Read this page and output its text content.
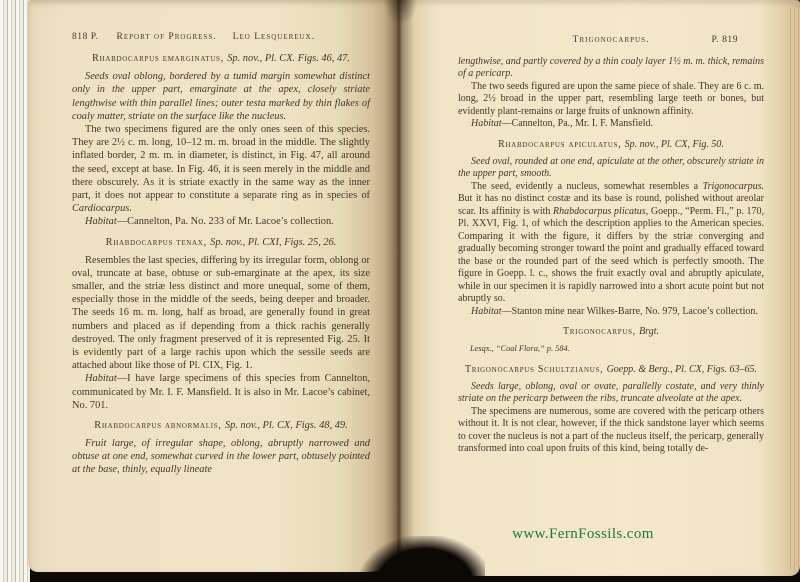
818 P. Report of Progress. Leo Lesquereux.

Rhabdocarpus emarginatus, Sp. nov., Pl. CX. Figs. 46, 47.

Seeds oval oblong, bordered by a tumid margin somewhat distinct only in the upper part, emarginate at the apex, closely striate lengthwise with thin parallel lines; outer testa marked by thin flakes of coaly matter, striate on the surface like the nucleus.

The two specimens figured are the only ones seen of this species. They are 2½ c. m. long, 10–12 m. m. broad in the middle. The slightly inflated border, 2 m. m. in diameter, is distinct, in Fig. 47, all around the seed, except at base. In Fig. 46, it is seen merely in the middle and there obscurely. As it is striate exactly in the same way as the inner part, it does not appear to constitute a separate ring as in species of Cardiocarpus.

Habitat—Cannelton, Pa. No. 233 of Mr. Lacoe’s collection.

Rhabdocarpus tenax, Sp. nov., Pl. CXI, Figs. 25, 26.

Resembles the last species, differing by its irregular form, oblong or oval, truncate at base, obtuse or sub-emarginate at the apex, its size smaller, and the striæ less distinct and more unequal, some of them, especially those in the middle of the seeds, being deeper and broader. The seeds 16 m. m. long, half as broad, are generally found in great numbers and placed as if depending from a thick rachis generally destroyed. The only fragment preserved of it is represented Fig. 25. It is evidently part of a large rachis upon which the sessile seeds are attached about like those of Pl. CIX, Fig. 1.

Habitat—I have large specimens of this species from Cannelton, communicated by Mr. I. F. Mansfield. It is also in Mr. Lacoe’s cabinet, No. 701.

Rhabdocarpus abnormalis, Sp. nov., Pl. CX, Figs. 48, 49.

Fruit large, of irregular shape, oblong, abruptly narrowed and obtuse at one end, somewhat curved in the lower part, obtusely pointed at the base, thinly, equally lineate

Trigonocarpus.	P. 819

lengthwise, and partly covered by a thin coaly layer 1½ m. m. thick, remains of a pericarp.

The two seeds figured are upon the same piece of shale. They are 6 c. m. long, 2½ broad in the upper part, resembling large teeth or bones, but evidently plant-remains or large fruits of unknown affinity.

Habitat—Cannelton, Pa., Mr. I. F. Mansfield.

Rhabdocarpus apiculatus, Sp. nov., Pl. CX, Fig. 50.

Seed oval, rounded at one end, apiculate at the other, obscurely striate in the upper part, smooth.

The seed, evidently a nucleus, somewhat resembles a Trigonocarpus. But it has no distinct costæ and its base is round, polished without areolar scar. Its affinity is with Rhabdocarpus plicatus, Goepp., “Perm. Fl.,” p. 170, Pl. XXVI, Fig. 1, of which the description applies to the American species. Comparing it with the figure, it differs by the striæ converging and gradually becoming stronger toward the point and gradually effaced toward the base or the rounded part of the seed which is perfectly smooth. The figure in Goepp. l. c., shows the fruit exactly oval and abruptly apiculate, while in our specimen it is rapidly narrowed into a short acute point but not abruptly so.

Habitat—Stanton mine near Wilkes-Barre, No. 979, Lacoe’s collection.

Trigonocarpus, Brgt.

Lesqx., “Coal Flora,” p. 584.

Trigonocarpus Schultzianus, Goepp. & Berg., Pl. CX, Figs. 63–65.

Seeds large, oblong, oval or ovate, parallelly costate, and very thinly striate on the pericarp between the ribs, truncate alveolate at the apex.

The specimens are numerous, some are covered with the pericarp others without it. It is not clear, however, if the thick sandstone layer which seems to cover the nucleus is not a part of the nucleus itself, the pericarp, generally transformed into coal upon fruits of this kind, being totally de-

www.FernFossils.com
